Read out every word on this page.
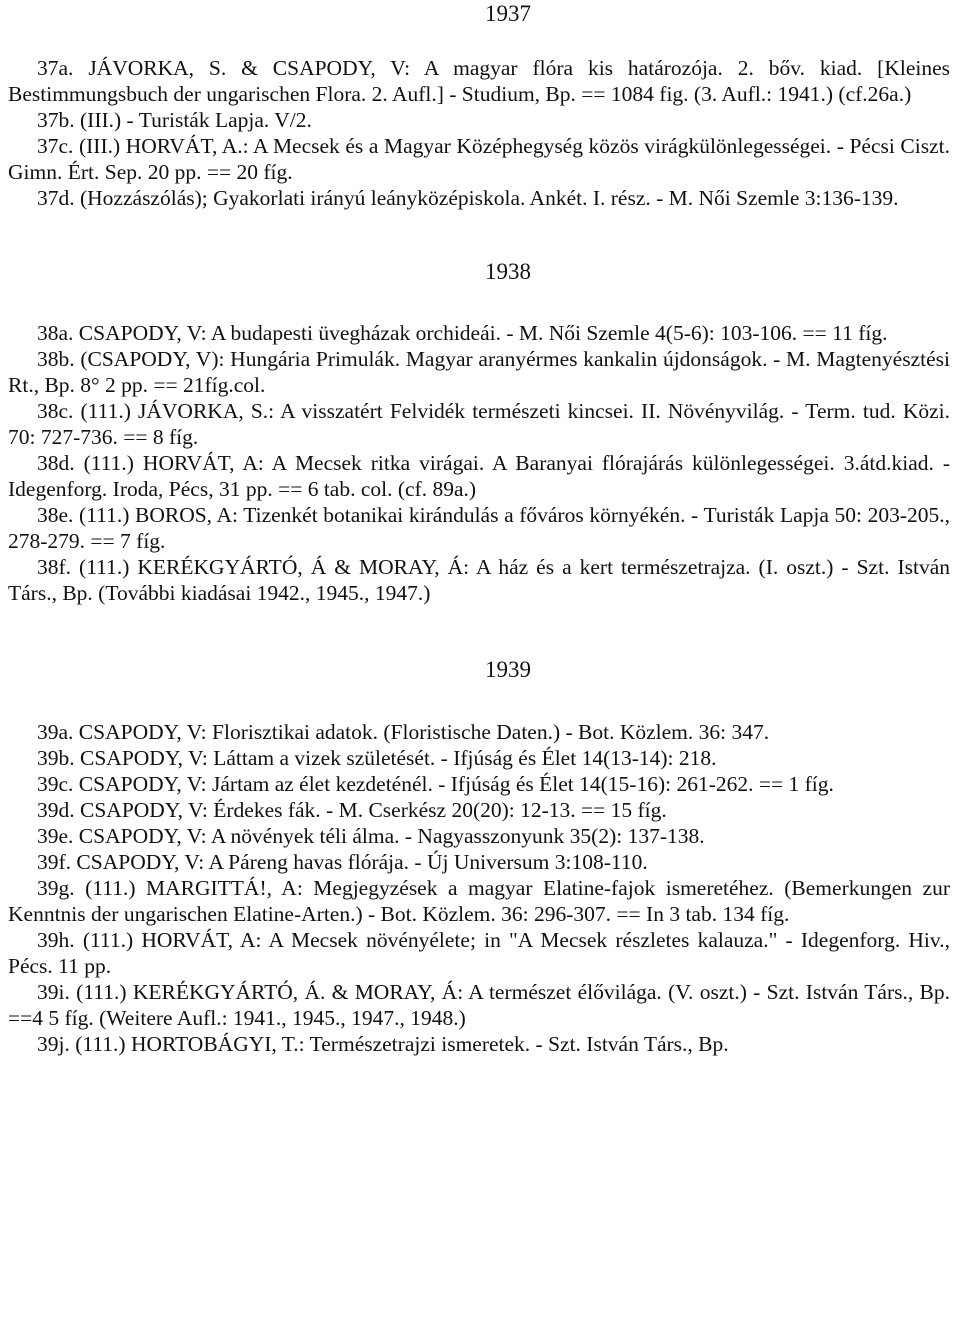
1937

37a. JÁVORKA, S. & CSAPODY, V: A magyar flóra kis határozója. 2. bőv. kiad. [Kleines Bestimmungsbuch der ungarischen Flora. 2. Aufl.] - Studium, Bp. == 1084 fig. (3. Aufl.: 1941.) (cf.26a.)

37b. (III.) - Turisták Lapja. V/2.

37c. (III.) HORVÁT, A.: A Mecsek és a Magyar Középhegység közös virágkülönlegességei. - Pécsi Ciszt. Gimn. Ért. Sep. 20 pp. == 20 fíg.

37d. (Hozzászólás); Gyakorlati irányú leányközépiskola. Ankét. I. rész. - M. Női Szemle 3:136-139.

1938

38a. CSAPODY, V: A budapesti üvegházak orchideái. - M. Női Szemle 4(5-6): 103-106. == 11 fíg.

38b. (CSAPODY, V): Hungária Primulák. Magyar aranyérmes kankalin újdonságok. - M. Magtenyésztési Rt., Bp. 8° 2 pp. == 21fíg.col.

38c. (111.) JÁVORKA, S.: A visszatért Felvidék természeti kincsei. II. Növényvilág. - Term. tud. Közi. 70: 727-736. == 8 fíg.

38d. (111.) HORVÁT, A: A Mecsek ritka virágai. A Baranyai flórajárás különlegességei. 3.átd.kiad. - Idegenforg. Iroda, Pécs, 31 pp. == 6 tab. col. (cf. 89a.)

38e. (111.) BOROS, A: Tizenkét botanikai kirándulás a főváros környékén. - Turisták Lapja 50: 203-205., 278-279. == 7 fíg.

38f. (111.) KERÉKGYÁRTÓ, Á & MORAY, Á: A ház és a kert természetrajza. (I. oszt.) - Szt. István Társ., Bp. (További kiadásai 1942., 1945., 1947.)

1939

39a. CSAPODY, V: Florisztikai adatok. (Floristische Daten.) - Bot. Közlem. 36: 347.

39b. CSAPODY, V: Láttam a vizek születését. - Ifjúság és Élet 14(13-14): 218.

39c. CSAPODY, V: Jártam az élet kezdeténél. - Ifjúság és Élet 14(15-16): 261-262. == 1 fíg.

39d. CSAPODY, V: Érdekes fák. - M. Cserkész 20(20): 12-13. == 15 fíg.

39e. CSAPODY, V: A növények téli álma. - Nagyasszonyunk 35(2): 137-138.

39f. CSAPODY, V: A Páreng havas flórája. - Új Universum 3:108-110.

39g. (111.) MARGITTÁ!, A: Megjegyzések a magyar Elatine-fajok ismeretéhez. (Bemerkungen zur Kenntnis der ungarischen Elatine-Arten.) - Bot. Közlem. 36: 296-307. == In 3 tab. 134 fíg.

39h. (111.) HORVÁT, A: A Mecsek növényélete; in "A Mecsek részletes kalauza." - Idegenforg. Hiv., Pécs. 11 pp.

39i. (111.) KERÉKGYÁRTÓ, Á. & MORAY, Á: A természet élővilága. (V. oszt.) - Szt. István Társ., Bp. ==4 5 fíg. (Weitere Aufl.: 1941., 1945., 1947., 1948.)

39j. (111.) HORTOBÁGYI, T.: Természetrajzi ismeretek. - Szt. István Társ., Bp.
